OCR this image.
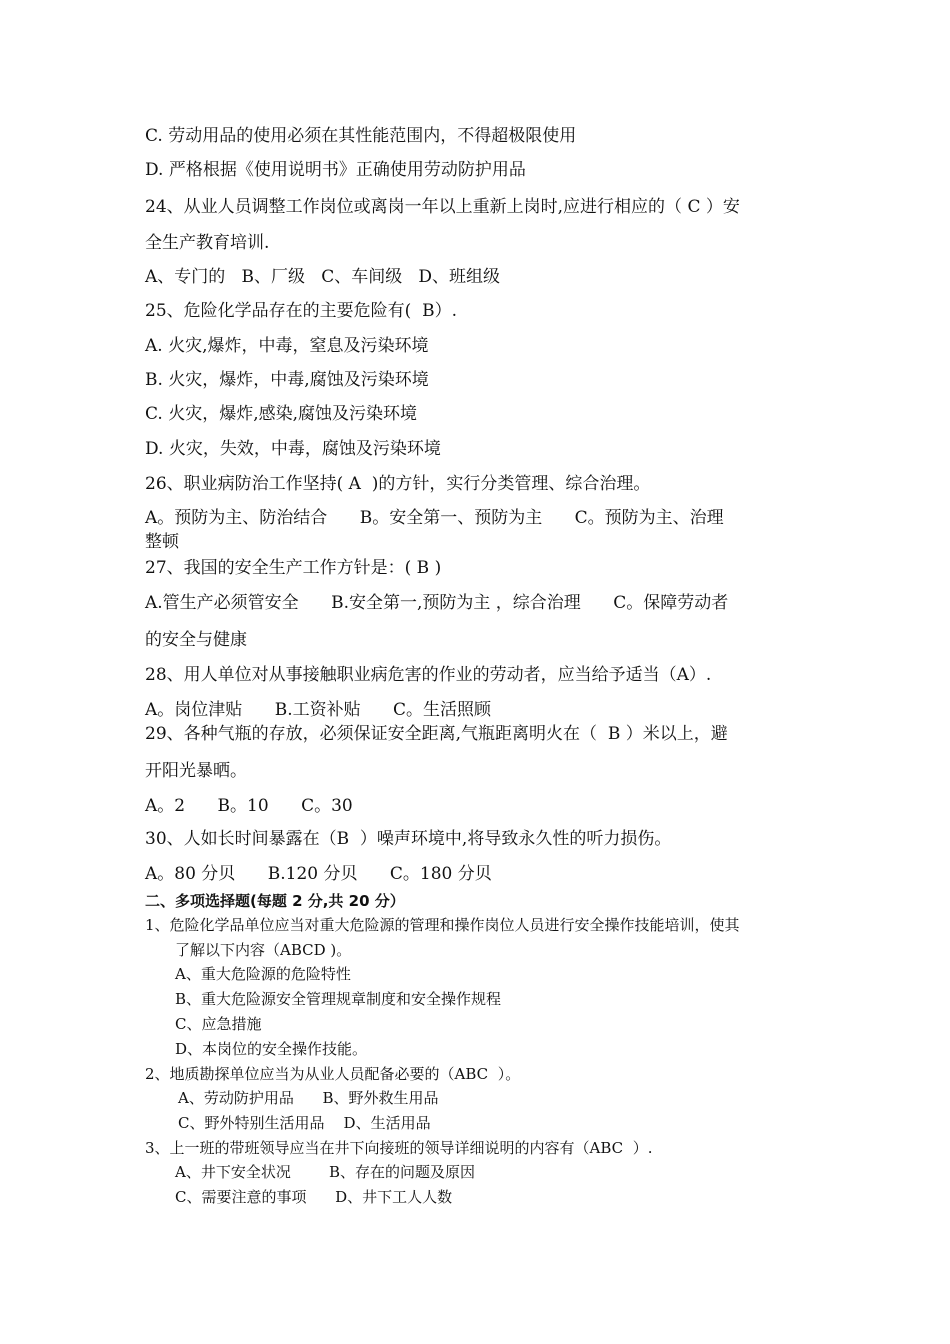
C. 劳动用品的使用必须在其性能范围内，不得超极限使用
D. 严格根据《使用说明书》正确使用劳动防护用品
24、从业人员调整工作岗位或离岗一年以上重新上岗时,应进行相应的（ C ）安
全生产教育培训.
A、专门的   B、厂级   C、车间级   D、班组级
25、危险化学品存在的主要危险有(  B）.
A. 火灾,爆炸，中毒，窒息及污染环境
B. 火灾，爆炸，中毒,腐蚀及污染环境
C. 火灾，爆炸,感染,腐蚀及污染环境
D. 火灾，失效，中毒，腐蚀及污染环境
26、职业病防治工作坚持( A  )的方针，实行分类管理、综合治理。
A。预防为主、防治结合      B。安全第一、预防为主      C。预防为主、治理
整顿
27、我国的安全生产工作方针是：( B )
A.管生产必须管安全      B.安全第一,预防为主 ，综合治理      C。保障劳动者
的安全与健康
28、用人单位对从事接触职业病危害的作业的劳动者，应当给予适当（A）.
A。岗位津贴      B.工资补贴      C。生活照顾
29、各种气瓶的存放，必须保证安全距离,气瓶距离明火在（  B ）米以上，避
开阳光暴晒。
A。2      B。10      C。30
30、人如长时间暴露在（B  ）噪声环境中,将导致永久性的听力损伤。
A。80 分贝      B.120 分贝      C。180 分贝
二、多项选择题(每题 2 分,共 20 分）
1、危险化学品单位应当对重大危险源的管理和操作岗位人员进行安全操作技能培训，使其
了解以下内容（ABCD )。
A、重大危险源的危险特性
B、重大危险源安全管理规章制度和安全操作规程
C、应急措施
D、本岗位的安全操作技能。
2、地质勘探单位应当为从业人员配备必要的（ABC  ）。
A、劳动防护用品      B、野外救生用品
C、野外特别生活用品    D、生活用品
3、上一班的带班领导应当在井下向接班的领导详细说明的内容有（ABC  ）.
A、井下安全状况        B、存在的问题及原因
C、需要注意的事项      D、井下工人人数
